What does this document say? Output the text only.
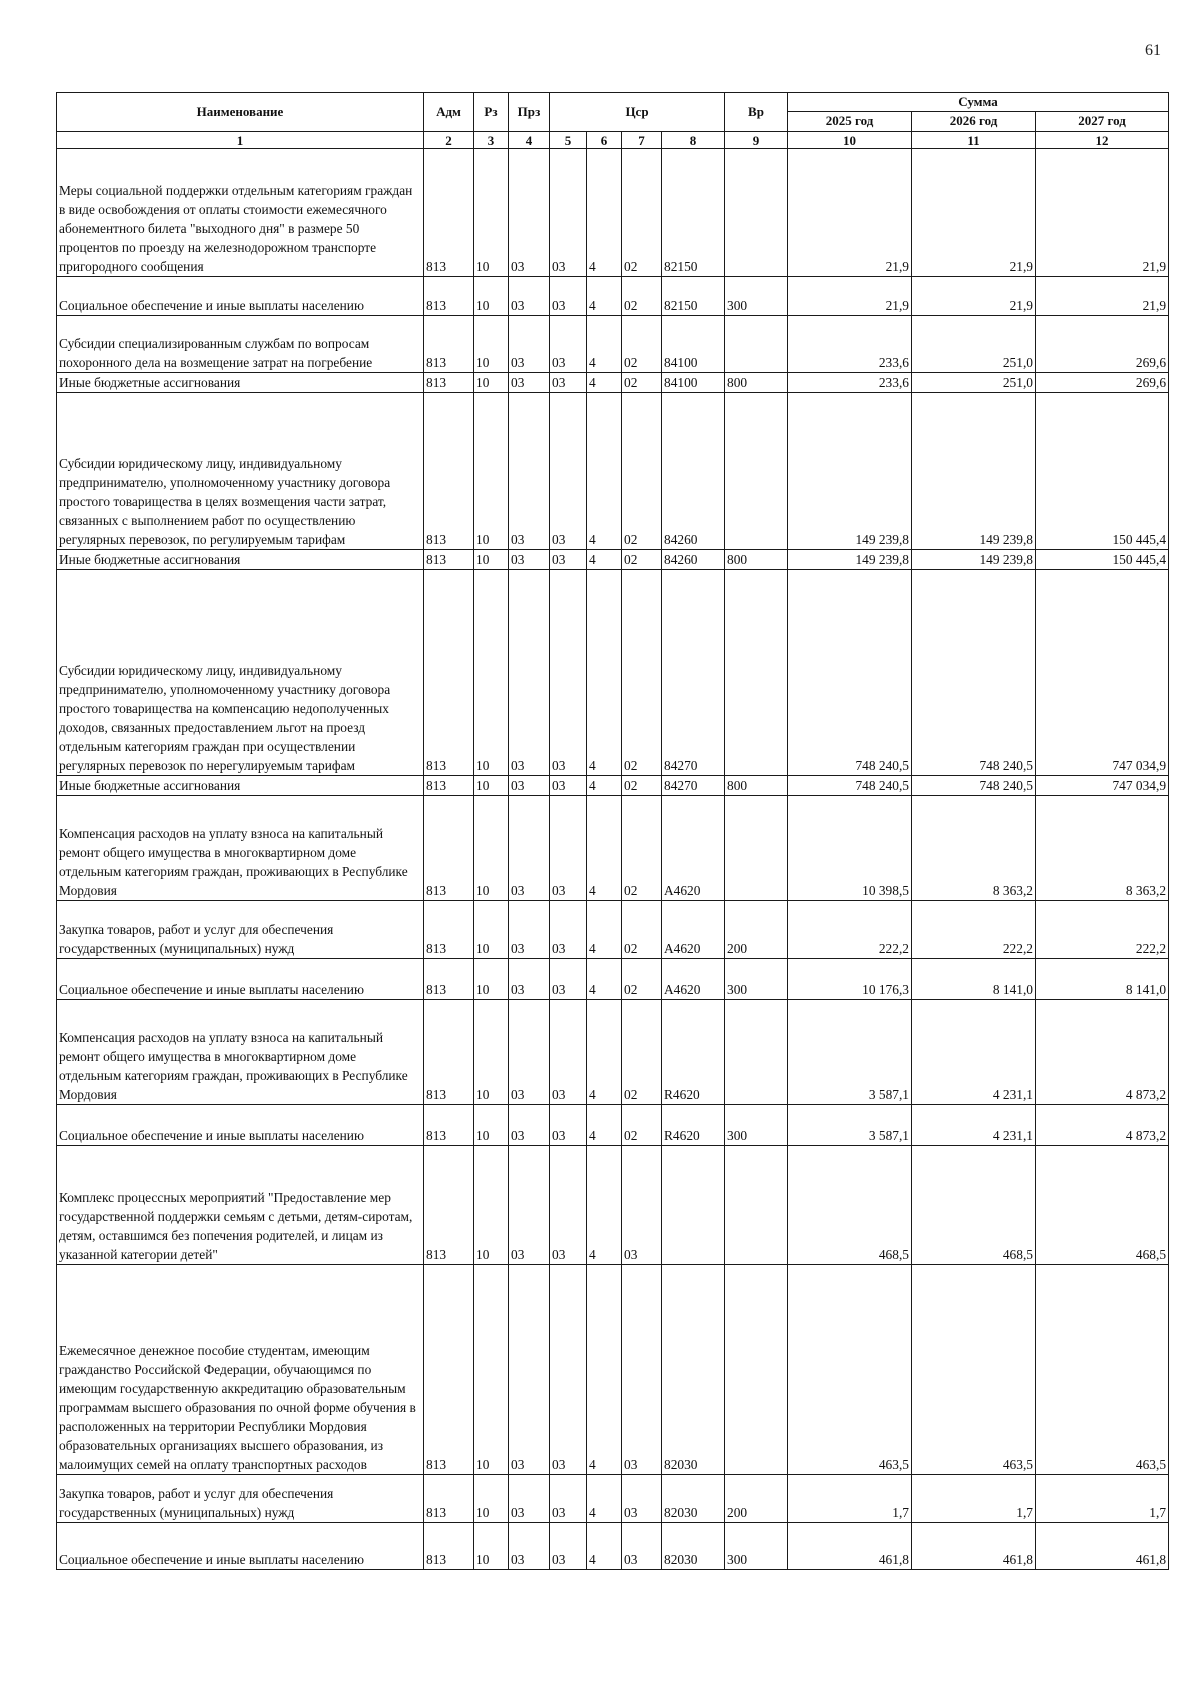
61
Наименование	Адм	Рз	Прз	Цср				Вр	Сумма		
									2025 год	2026 год	2027 год
1	2	3	4	5	6	7	8	9	10	11	12
Меры социальной поддержки отдельным категориям граждан в виде освобождения от оплаты стоимости ежемесячного абонементного билета "выходного дня" в размере 50 процентов по проезду на железнодорожном транспорте пригородного сообщения	813	10	03	03	4	02	82150		21,9	21,9	21,9
Социальное обеспечение и иные выплаты населению	813	10	03	03	4	02	82150	300	21,9	21,9	21,9
Субсидии специализированным службам по вопросам похоронного дела на возмещение затрат на погребение	813	10	03	03	4	02	84100		233,6	251,0	269,6
Иные бюджетные ассигнования	813	10	03	03	4	02	84100	800	233,6	251,0	269,6
Субсидии юридическому лицу, индивидуальному предпринимателю, уполномоченному участнику договора простого товарищества в целях возмещения части затрат, связанных с выполнением работ по осуществлению регулярных перевозок, по регулируемым тарифам	813	10	03	03	4	02	84260		149 239,8	149 239,8	150 445,4
Иные бюджетные ассигнования	813	10	03	03	4	02	84260	800	149 239,8	149 239,8	150 445,4
Субсидии юридическому лицу, индивидуальному предпринимателю, уполномоченному участнику договора простого товарищества на компенсацию недополученных доходов, связанных предоставлением льгот на проезд отдельным категориям граждан при осуществлении регулярных перевозок по нерегулируемым тарифам	813	10	03	03	4	02	84270		748 240,5	748 240,5	747 034,9
Иные бюджетные ассигнования	813	10	03	03	4	02	84270	800	748 240,5	748 240,5	747 034,9
Компенсация расходов на уплату взноса на капитальный ремонт общего имущества в многоквартирном доме отдельным категориям граждан, проживающих в Республике Мордовия	813	10	03	03	4	02	A4620		10 398,5	8 363,2	8 363,2
Закупка товаров, работ и услуг для обеспечения государственных (муниципальных) нужд	813	10	03	03	4	02	A4620	200	222,2	222,2	222,2
Социальное обеспечение и иные выплаты населению	813	10	03	03	4	02	A4620	300	10 176,3	8 141,0	8 141,0
Компенсация расходов на уплату взноса на капитальный ремонт общего имущества в многоквартирном доме отдельным категориям граждан, проживающих в Республике Мордовия	813	10	03	03	4	02	R4620		3 587,1	4 231,1	4 873,2
Социальное обеспечение и иные выплаты населению	813	10	03	03	4	02	R4620	300	3 587,1	4 231,1	4 873,2
Комплекс процессных мероприятий "Предоставление мер государственной поддержки семьям с детьми, детям-сиротам, детям, оставшимся без попечения родителей, и лицам из указанной категории детей"	813	10	03	03	4	03			468,5	468,5	468,5
Ежемесячное денежное пособие студентам, имеющим гражданство Российской Федерации, обучающимся по имеющим государственную аккредитацию образовательным программам высшего образования по очной форме обучения в расположенных на территории Республики Мордовия образовательных организациях высшего образования, из малоимущих семей на оплату транспортных расходов	813	10	03	03	4	03	82030		463,5	463,5	463,5
Закупка товаров, работ и услуг для обеспечения государственных (муниципальных) нужд	813	10	03	03	4	03	82030	200	1,7	1,7	1,7
Социальное обеспечение и иные выплаты населению	813	10	03	03	4	03	82030	300	461,8	461,8	461,8
